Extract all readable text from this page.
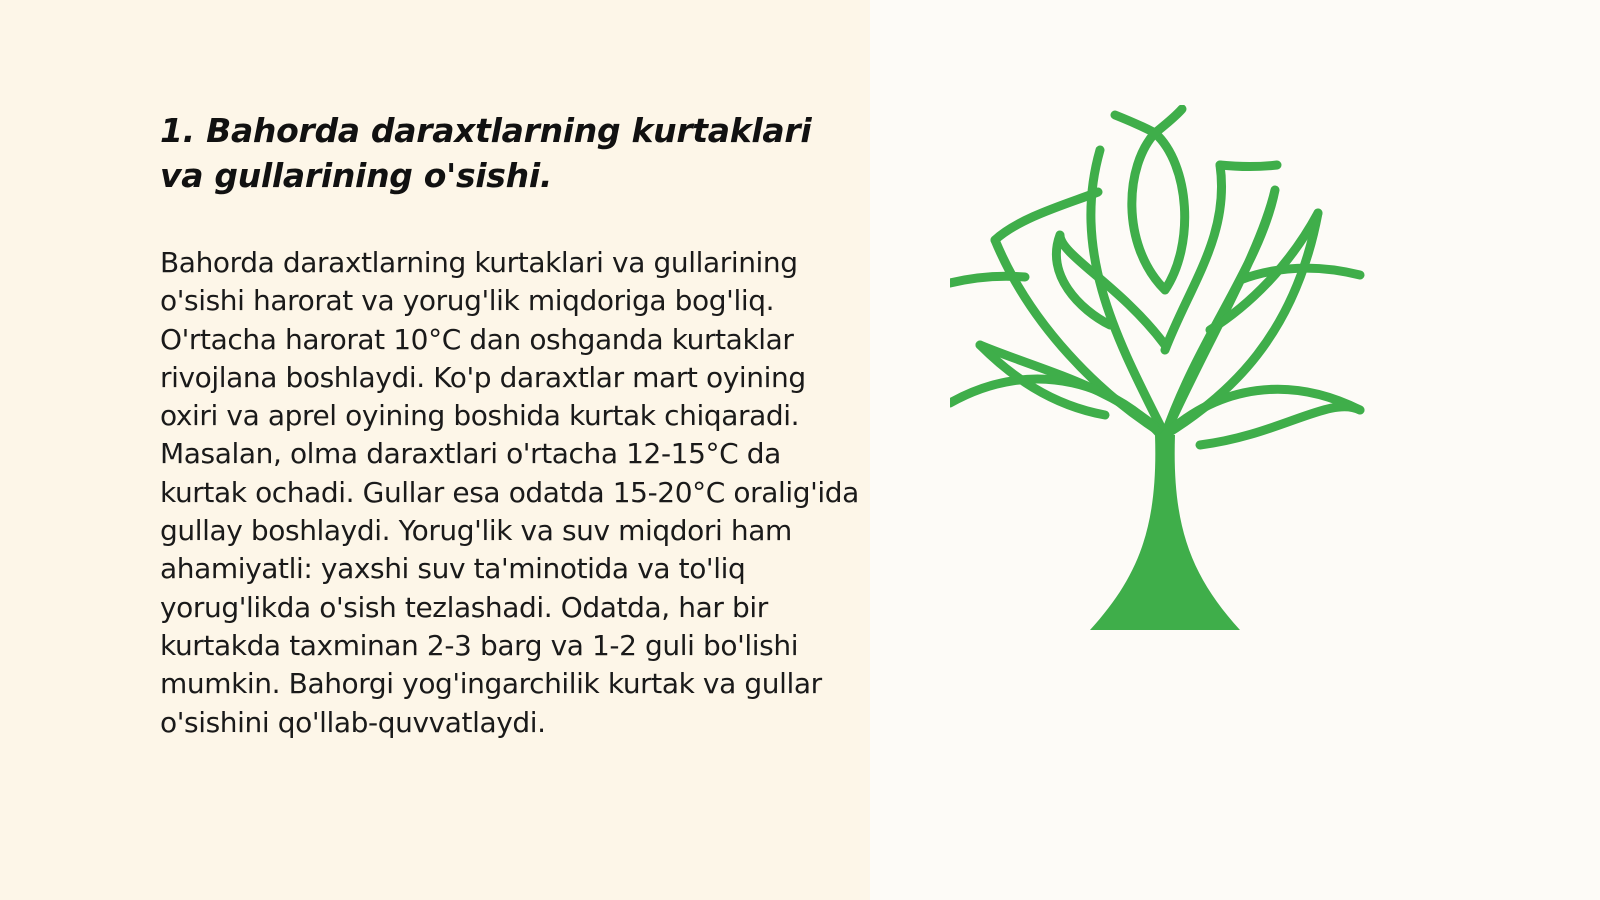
1. Bahorda daraxtlarning kurtaklari va gullarining o'sishi.

Bahorda daraxtlarning kurtaklari va gullarining o'sishi harorat va yorug'lik miqdoriga bog'liq. O'rtacha harorat 10°C dan oshganda kurtaklar rivojlana boshlaydi. Ko'p daraxtlar mart oyining oxiri va aprel oyining boshida kurtak chiqaradi. Masalan, olma daraxtlari o'rtacha 12-15°C da kurtak ochadi. Gullar esa odatda 15-20°C oralig'ida gullay boshlaydi. Yorug'lik va suv miqdori ham ahamiyatli: yaxshi suv ta'minotida va to'liq yorug'likda o'sish tezlashadi. Odatda, har bir kurtakda taxminan 2-3 barg va 1-2 guli bo'lishi mumkin. Bahorgi yog'ingarchilik kurtak va gullar o'sishini qo'llab-quvvatlaydi.
